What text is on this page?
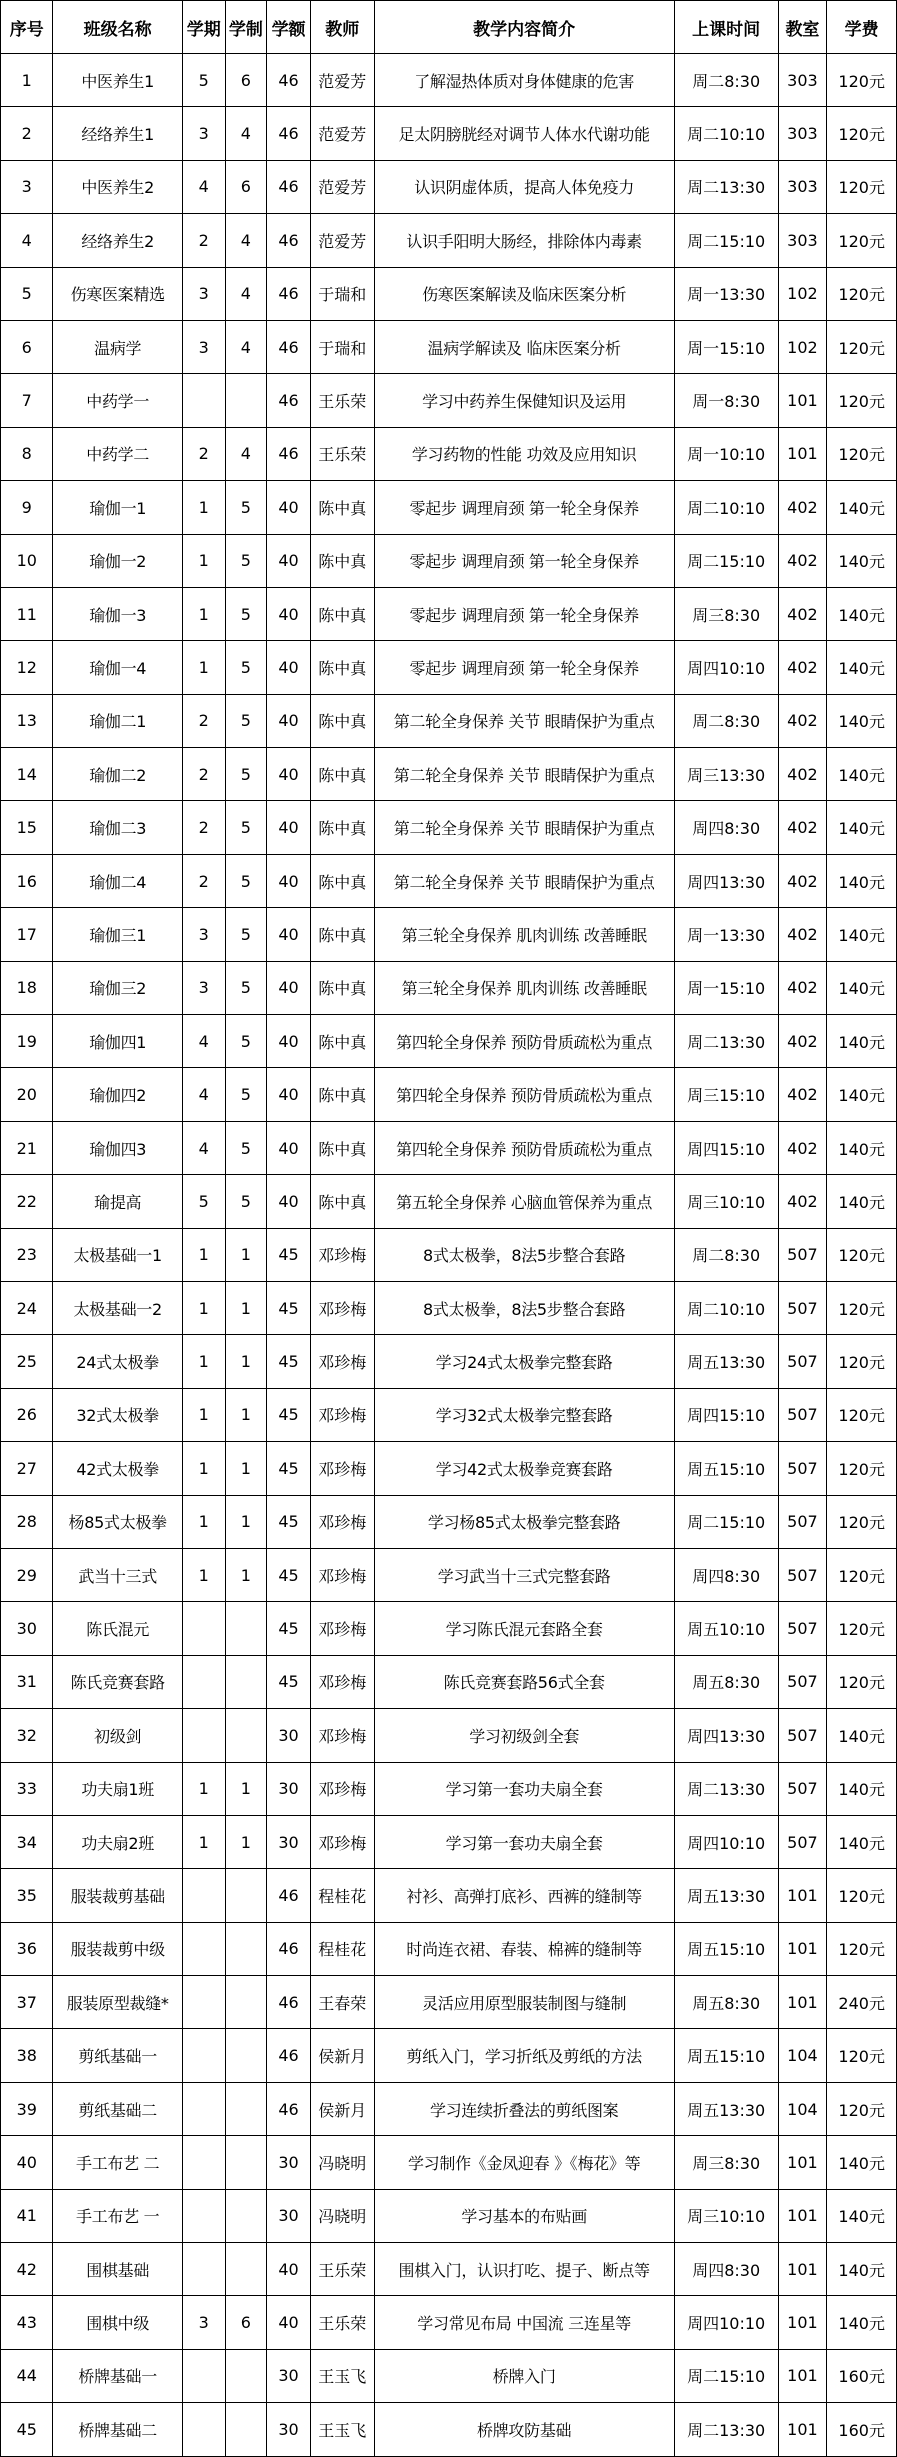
序号	班级名称	学期	学制	学额	教师	教学内容简介	上课时间	教室	学费
1	中医养生1	5	6	46	范爱芳	了解湿热体质对身体健康的危害	周二8:30	303	120元
2	经络养生1	3	4	46	范爱芳	足太阴膀胱经对调节人体水代谢功能	周二10:10	303	120元
3	中医养生2	4	6	46	范爱芳	认识阴虚体质，提高人体免疫力	周二13:30	303	120元
4	经络养生2	2	4	46	范爱芳	认识手阳明大肠经，排除体内毒素	周二15:10	303	120元
5	伤寒医案精选	3	4	46	于瑞和	伤寒医案解读及临床医案分析	周一13:30	102	120元
6	温病学	3	4	46	于瑞和	温病学解读及 临床医案分析	周一15:10	102	120元
7	中药学一			46	王乐荣	学习中药养生保健知识及运用	周一8:30	101	120元
8	中药学二	2	4	46	王乐荣	学习药物的性能 功效及应用知识	周一10:10	101	120元
9	瑜伽一1	1	5	40	陈中真	零起步 调理肩颈 第一轮全身保养	周二10:10	402	140元
10	瑜伽一2	1	5	40	陈中真	零起步 调理肩颈 第一轮全身保养	周二15:10	402	140元
11	瑜伽一3	1	5	40	陈中真	零起步 调理肩颈 第一轮全身保养	周三8:30	402	140元
12	瑜伽一4	1	5	40	陈中真	零起步 调理肩颈 第一轮全身保养	周四10:10	402	140元
13	瑜伽二1	2	5	40	陈中真	第二轮全身保养 关节 眼睛保护为重点	周二8:30	402	140元
14	瑜伽二2	2	5	40	陈中真	第二轮全身保养 关节 眼睛保护为重点	周三13:30	402	140元
15	瑜伽二3	2	5	40	陈中真	第二轮全身保养 关节 眼睛保护为重点	周四8:30	402	140元
16	瑜伽二4	2	5	40	陈中真	第二轮全身保养 关节 眼睛保护为重点	周四13:30	402	140元
17	瑜伽三1	3	5	40	陈中真	第三轮全身保养 肌肉训练 改善睡眠	周一13:30	402	140元
18	瑜伽三2	3	5	40	陈中真	第三轮全身保养 肌肉训练 改善睡眠	周一15:10	402	140元
19	瑜伽四1	4	5	40	陈中真	第四轮全身保养 预防骨质疏松为重点	周二13:30	402	140元
20	瑜伽四2	4	5	40	陈中真	第四轮全身保养 预防骨质疏松为重点	周三15:10	402	140元
21	瑜伽四3	4	5	40	陈中真	第四轮全身保养 预防骨质疏松为重点	周四15:10	402	140元
22	瑜提高	5	5	40	陈中真	第五轮全身保养 心脑血管保养为重点	周三10:10	402	140元
23	太极基础一1	1	1	45	邓珍梅	8式太极拳，8法5步整合套路	周二8:30	507	120元
24	太极基础一2	1	1	45	邓珍梅	8式太极拳，8法5步整合套路	周二10:10	507	120元
25	24式太极拳	1	1	45	邓珍梅	学习24式太极拳完整套路	周五13:30	507	120元
26	32式太极拳	1	1	45	邓珍梅	学习32式太极拳完整套路	周四15:10	507	120元
27	42式太极拳	1	1	45	邓珍梅	学习42式太极拳竞赛套路	周五15:10	507	120元
28	杨85式太极拳	1	1	45	邓珍梅	学习杨85式太极拳完整套路	周二15:10	507	120元
29	武当十三式	1	1	45	邓珍梅	学习武当十三式完整套路	周四8:30	507	120元
30	陈氏混元			45	邓珍梅	学习陈氏混元套路全套	周五10:10	507	120元
31	陈氏竞赛套路			45	邓珍梅	陈氏竞赛套路56式全套	周五8:30	507	120元
32	初级剑			30	邓珍梅	学习初级剑全套	周四13:30	507	140元
33	功夫扇1班	1	1	30	邓珍梅	学习第一套功夫扇全套	周二13:30	507	140元
34	功夫扇2班	1	1	30	邓珍梅	学习第一套功夫扇全套	周四10:10	507	140元
35	服装裁剪基础			46	程桂花	衬衫、高弹打底衫、西裤的缝制等	周五13:30	101	120元
36	服装裁剪中级			46	程桂花	时尚连衣裙、春装、棉裤的缝制等	周五15:10	101	120元
37	服装原型裁缝*			46	王春荣	灵活应用原型服装制图与缝制	周五8:30	101	240元
38	剪纸基础一			46	侯新月	剪纸入门，学习折纸及剪纸的方法	周五15:10	104	120元
39	剪纸基础二			46	侯新月	学习连续折叠法的剪纸图案	周五13:30	104	120元
40	手工布艺 二			30	冯晓明	学习制作《金凤迎春 》《梅花》等	周三8:30	101	140元
41	手工布艺 一			30	冯晓明	学习基本的布贴画	周三10:10	101	140元
42	围棋基础			40	王乐荣	围棋入门，认识打吃、提子、断点等	周四8:30	101	140元
43	围棋中级	3	6	40	王乐荣	学习常见布局 中国流 三连星等	周四10:10	101	140元
44	桥牌基础一			30	王玉飞	桥牌入门	周二15:10	101	160元
45	桥牌基础二			30	王玉飞	桥牌攻防基础	周二13:30	101	160元
